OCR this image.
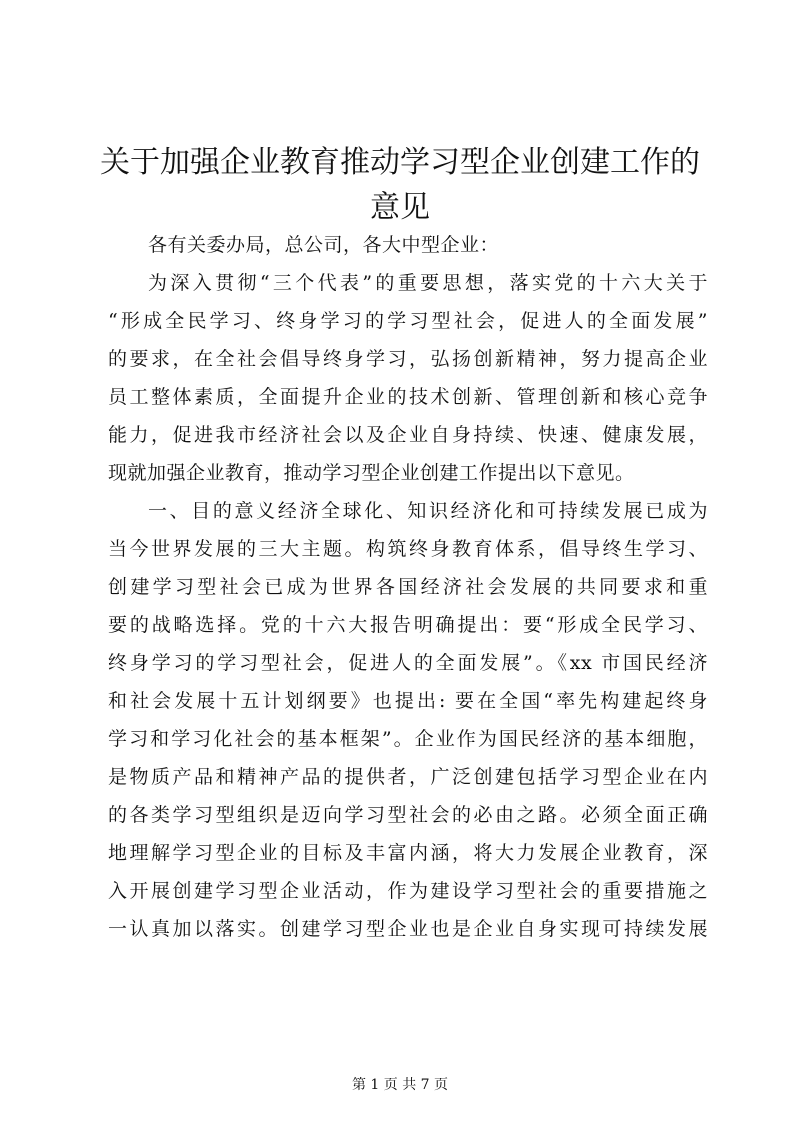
关于加强企业教育推动学习型企业创建工作的
意见
各有关委办局，总公司，各大中型企业：
为深入贯彻“三个代表”的重要思想，落实党的十六大关于
“形成全民学习、终身学习的学习型社会，促进人的全面发展”
的要求，在全社会倡导终身学习，弘扬创新精神，努力提高企业
员工整体素质，全面提升企业的技术创新、管理创新和核心竞争
能力，促进我市经济社会以及企业自身持续、快速、健康发展，
现就加强企业教育，推动学习型企业创建工作提出以下意见。
一、目的意义经济全球化、知识经济化和可持续发展已成为
当今世界发展的三大主题。构筑终身教育体系，倡导终生学习、
创建学习型社会已成为世界各国经济社会发展的共同要求和重
要的战略选择。党的十六大报告明确提出：要“形成全民学习、
终身学习的学习型社会，促进人的全面发展”。《xx 市国民经济
和社会发展十五计划纲要》也提出: 要在全国“率先构建起终身
学习和学习化社会的基本框架”。企业作为国民经济的基本细胞，
是物质产品和精神产品的提供者，广泛创建包括学习型企业在内
的各类学习型组织是迈向学习型社会的必由之路。必须全面正确
地理解学习型企业的目标及丰富内涵，将大力发展企业教育，深
入开展创建学习型企业活动，作为建设学习型社会的重要措施之
一认真加以落实。创建学习型企业也是企业自身实现可持续发展
第 1 页 共 7 页
